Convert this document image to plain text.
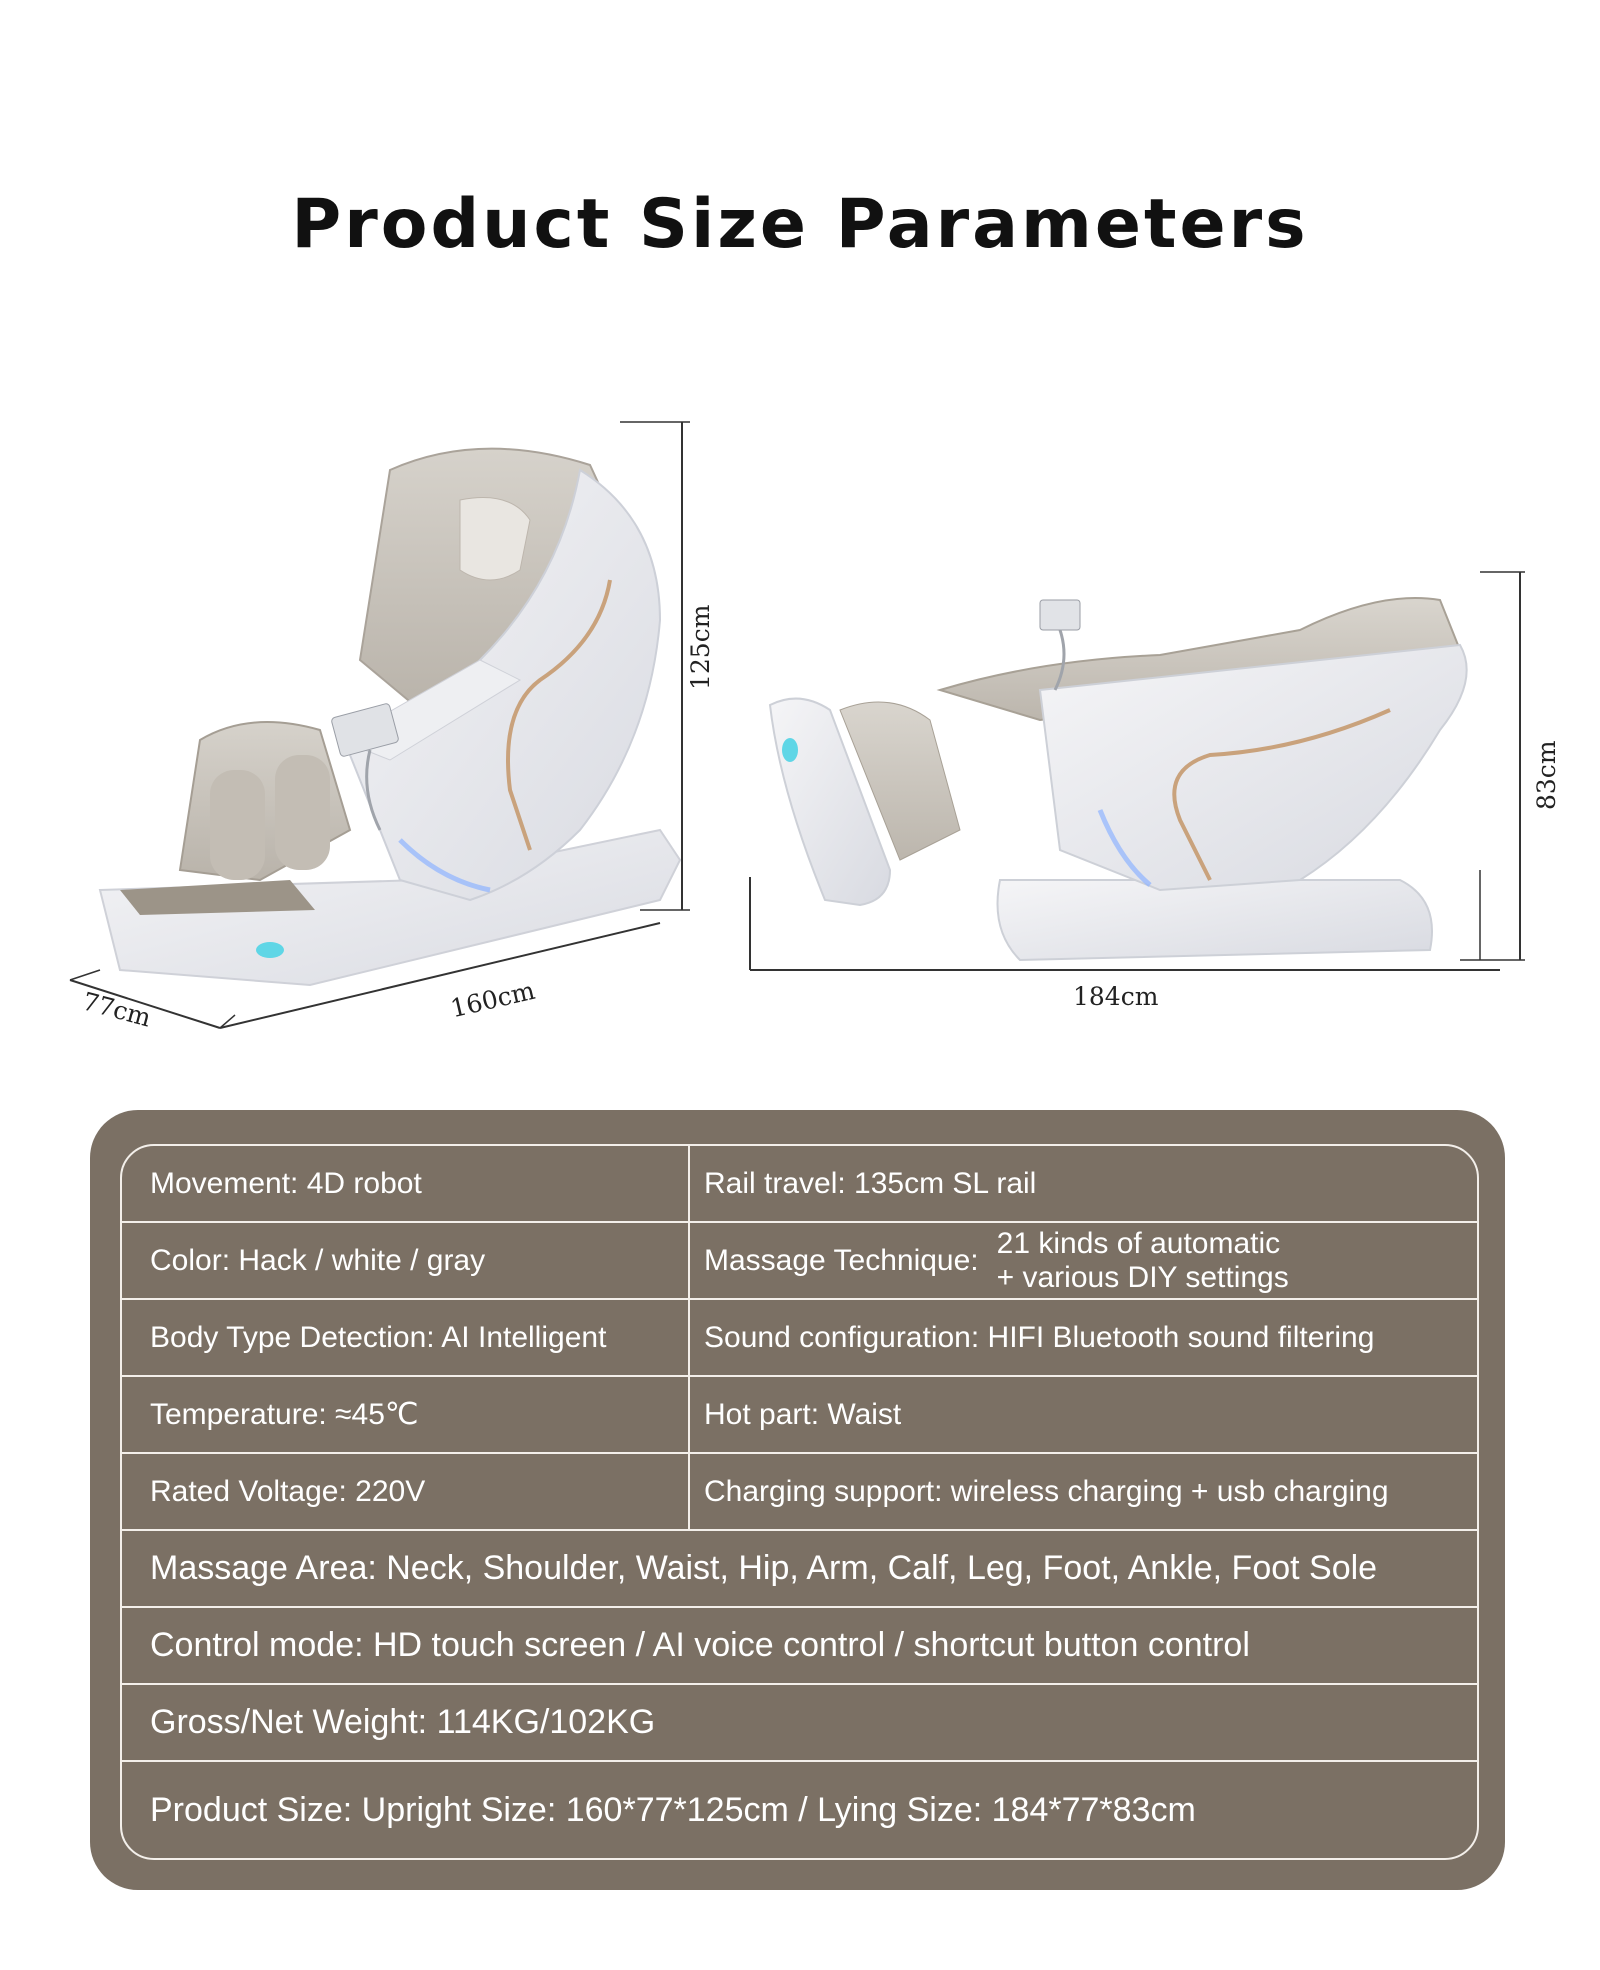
Product Size Parameters
125cm
77cm	160cm
83cm
184cm
Movement: 4D robot	Rail travel: 135cm SL rail
Color: Hack / white / gray	Massage Technique:
21 kinds of automatic
+ various DIY settings
Body Type Detection: AI Intelligent	Sound configuration: HIFI Bluetooth sound filtering
Temperature: ≈45℃	Hot part: Waist
Rated Voltage: 220V	Charging support: wireless charging + usb charging
Massage Area: Neck, Shoulder, Waist, Hip, Arm, Calf, Leg, Foot, Ankle, Foot Sole
Control mode: HD touch screen / AI voice control / shortcut button control
Gross/Net Weight: 114KG/102KG
Product Size: Upright Size: 160*77*125cm / Lying Size: 184*77*83cm
